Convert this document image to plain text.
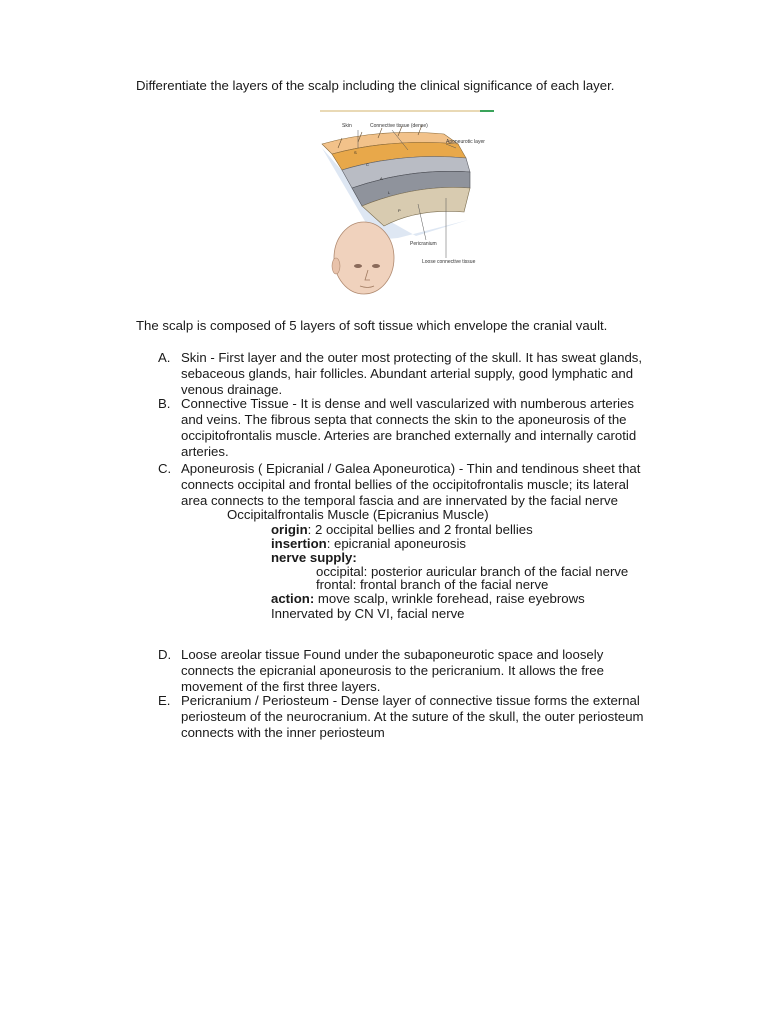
Differentiate the layers of the scalp including the clinical significance of each layer.
Skin	Connective tissue (dense)
Aponeurotic layer
Pericranium
Loose connective tissue
S
C
A
L
P
The scalp is composed of 5 layers of soft tissue which envelope the cranial vault.
A. Skin - First layer and the outer most protecting of the skull. It has sweat glands,
sebaceous glands, hair follicles. Abundant arterial supply, good lymphatic and
venous drainage.
B. Connective Tissue - It is dense and well vascularized with numberous arteries
and veins. The fibrous septa that connects the skin to the aponeurosis of the
occipitofrontalis muscle. Arteries are branched externally and internally carotid
arteries.
C. Aponeurosis ( Epicranial / Galea Aponeurotica) - Thin and tendinous sheet that
connects occipital and frontal bellies of the occipitofrontalis muscle; its lateral
area connects to the temporal fascia and are innervated by the facial nerve
Occipitalfrontalis Muscle (Epicranius Muscle)
origin: 2 occipital bellies and 2 frontal bellies
insertion: epicranial aponeurosis
nerve supply:
occipital: posterior auricular branch of the facial nerve
frontal: frontal branch of the facial nerve
action: move scalp, wrinkle forehead, raise eyebrows
Innervated by CN VI, facial nerve
D. Loose areolar tissue Found under the subaponeurotic space and loosely
connects the epicranial aponeurosis to the pericranium. It allows the free
movement of the first three layers.
E. Pericranium / Periosteum - Dense layer of connective tissue forms the external
periosteum of the neurocranium. At the suture of the skull, the outer periosteum
connects with the inner periosteum
